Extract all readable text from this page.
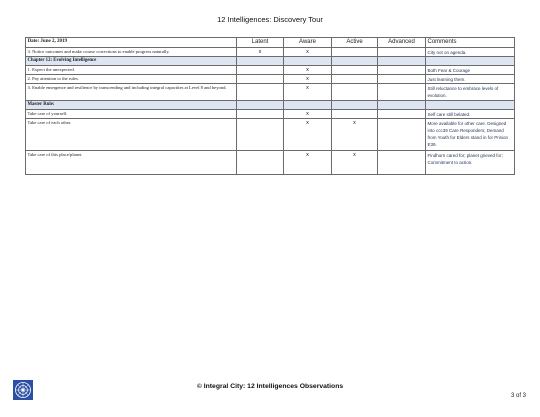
12 Intelligences: Discovery Tour
Date: June 2, 2019	Latent	Aware	Active	Advanced	Comments
3. Notice outcomes and make course corrections to enable progress naturally.	x	x			City not on agenda.
Chapter 12: Evolving Intelligence					
1. Expect the unexpected.		x			Both Fear & Courage
2. Pay attention to the rules.		x			Just learning them.
3. Enable emergence and resilience by transcending and including integral capacities at Level 8 and beyond.		x			Still reluctance to embrace levels of evolution.
Master Rule:					
Take care of yourself.		x			Self care still belated.
Take care of each other.		x	x		More available for other care. Designed into ccc39 Care Responders; Demand from Youth for Elders stand in for Prision E39.
Take care of this place/planet.		x	x		Findhorn cared for; planet grieved for; Commitment to action.
© Integral City: 12 Intelligences Observations
3 of 3
